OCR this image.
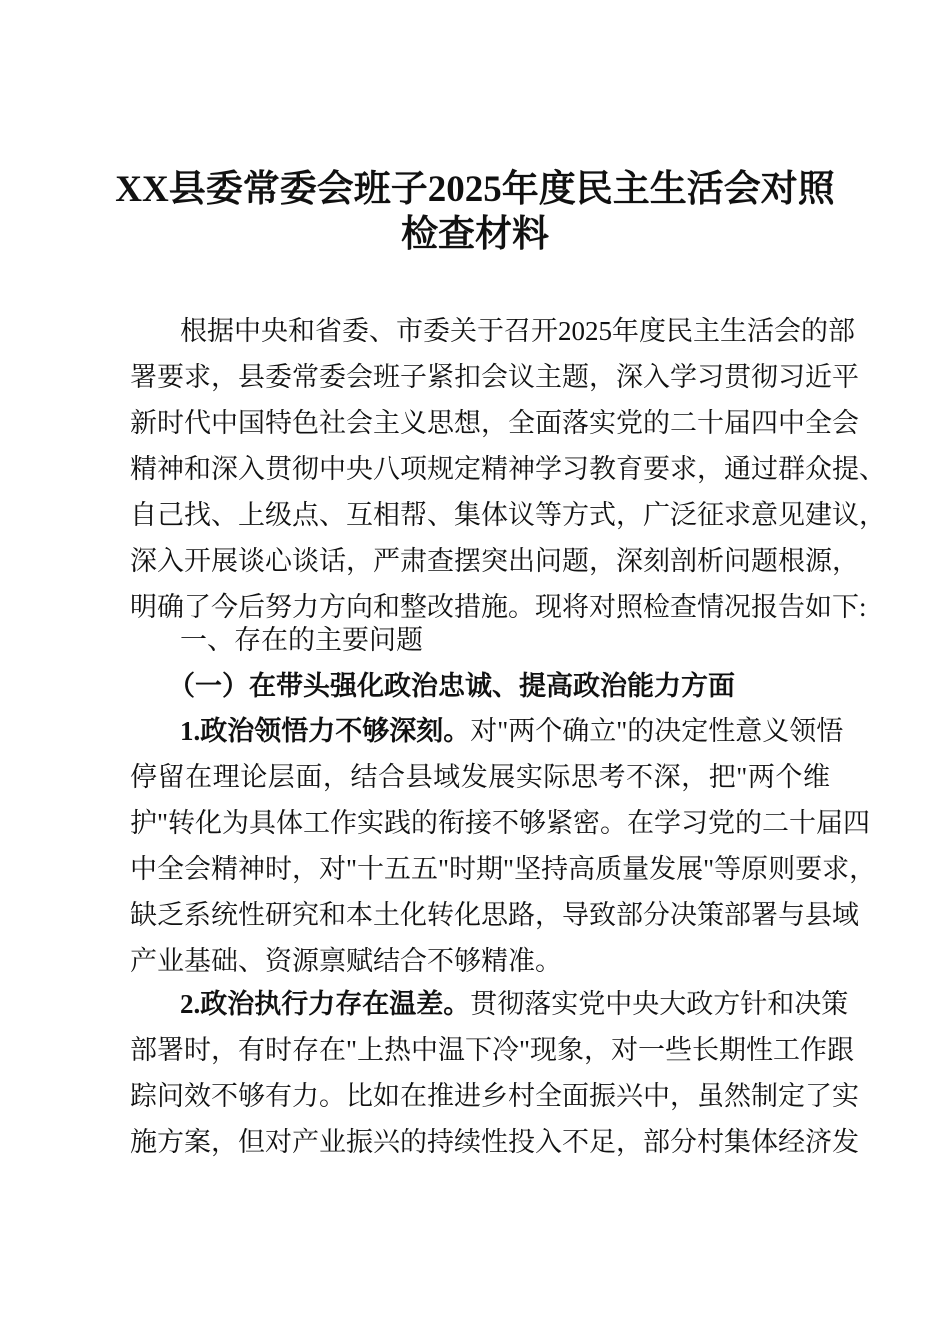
XX县委常委会班子2025年度民主生活会对照
检查材料
根据中央和省委、市委关于召开2025年度民主生活会的部
署要求，县委常委会班子紧扣会议主题，深入学习贯彻习近平
新时代中国特色社会主义思想，全面落实党的二十届四中全会
精神和深入贯彻中央八项规定精神学习教育要求，通过群众提、
自己找、上级点、互相帮、集体议等方式，广泛征求意见建议，
深入开展谈心谈话，严肃查摆突出问题，深刻剖析问题根源，
明确了今后努力方向和整改措施。现将对照检查情况报告如下:
一、存在的主要问题
（一）在带头强化政治忠诚、提高政治能力方面
1.政治领悟力不够深刻。对"两个确立"的决定性意义领悟
停留在理论层面，结合县域发展实际思考不深，把"两个维
护"转化为具体工作实践的衔接不够紧密。在学习党的二十届四
中全会精神时，对"十五五"时期"坚持高质量发展"等原则要求，
缺乏系统性研究和本土化转化思路，导致部分决策部署与县域
产业基础、资源禀赋结合不够精准。
2.政治执行力存在温差。贯彻落实党中央大政方针和决策
部署时，有时存在"上热中温下冷"现象，对一些长期性工作跟
踪问效不够有力。比如在推进乡村全面振兴中，虽然制定了实
施方案，但对产业振兴的持续性投入不足，部分村集体经济发
